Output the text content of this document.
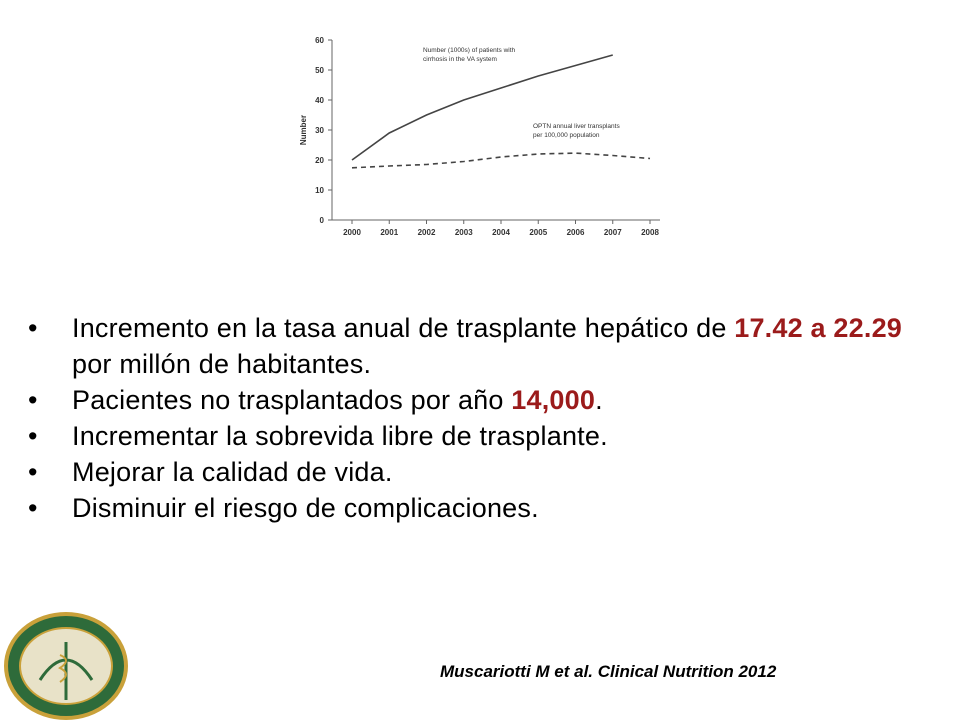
0
10
20
30
40
50
60
2000 2001 2002 2003 2004 2005 2006 2007 2008
Number
Number (1000s) of patients with
cirrhosis in the VA system
OPTN annual liver transplants
per 100,000 population
• Incremento en la tasa anual de trasplante hepático de 17.42 a 22.29 por millón de habitantes.
• Pacientes no trasplantados por año 14,000.
• Incrementar la sobrevida libre de trasplante.
• Mejorar la calidad de vida.
• Disminuir el riesgo de complicaciones.
Muscariotti M et al. Clinical Nutrition 2012
